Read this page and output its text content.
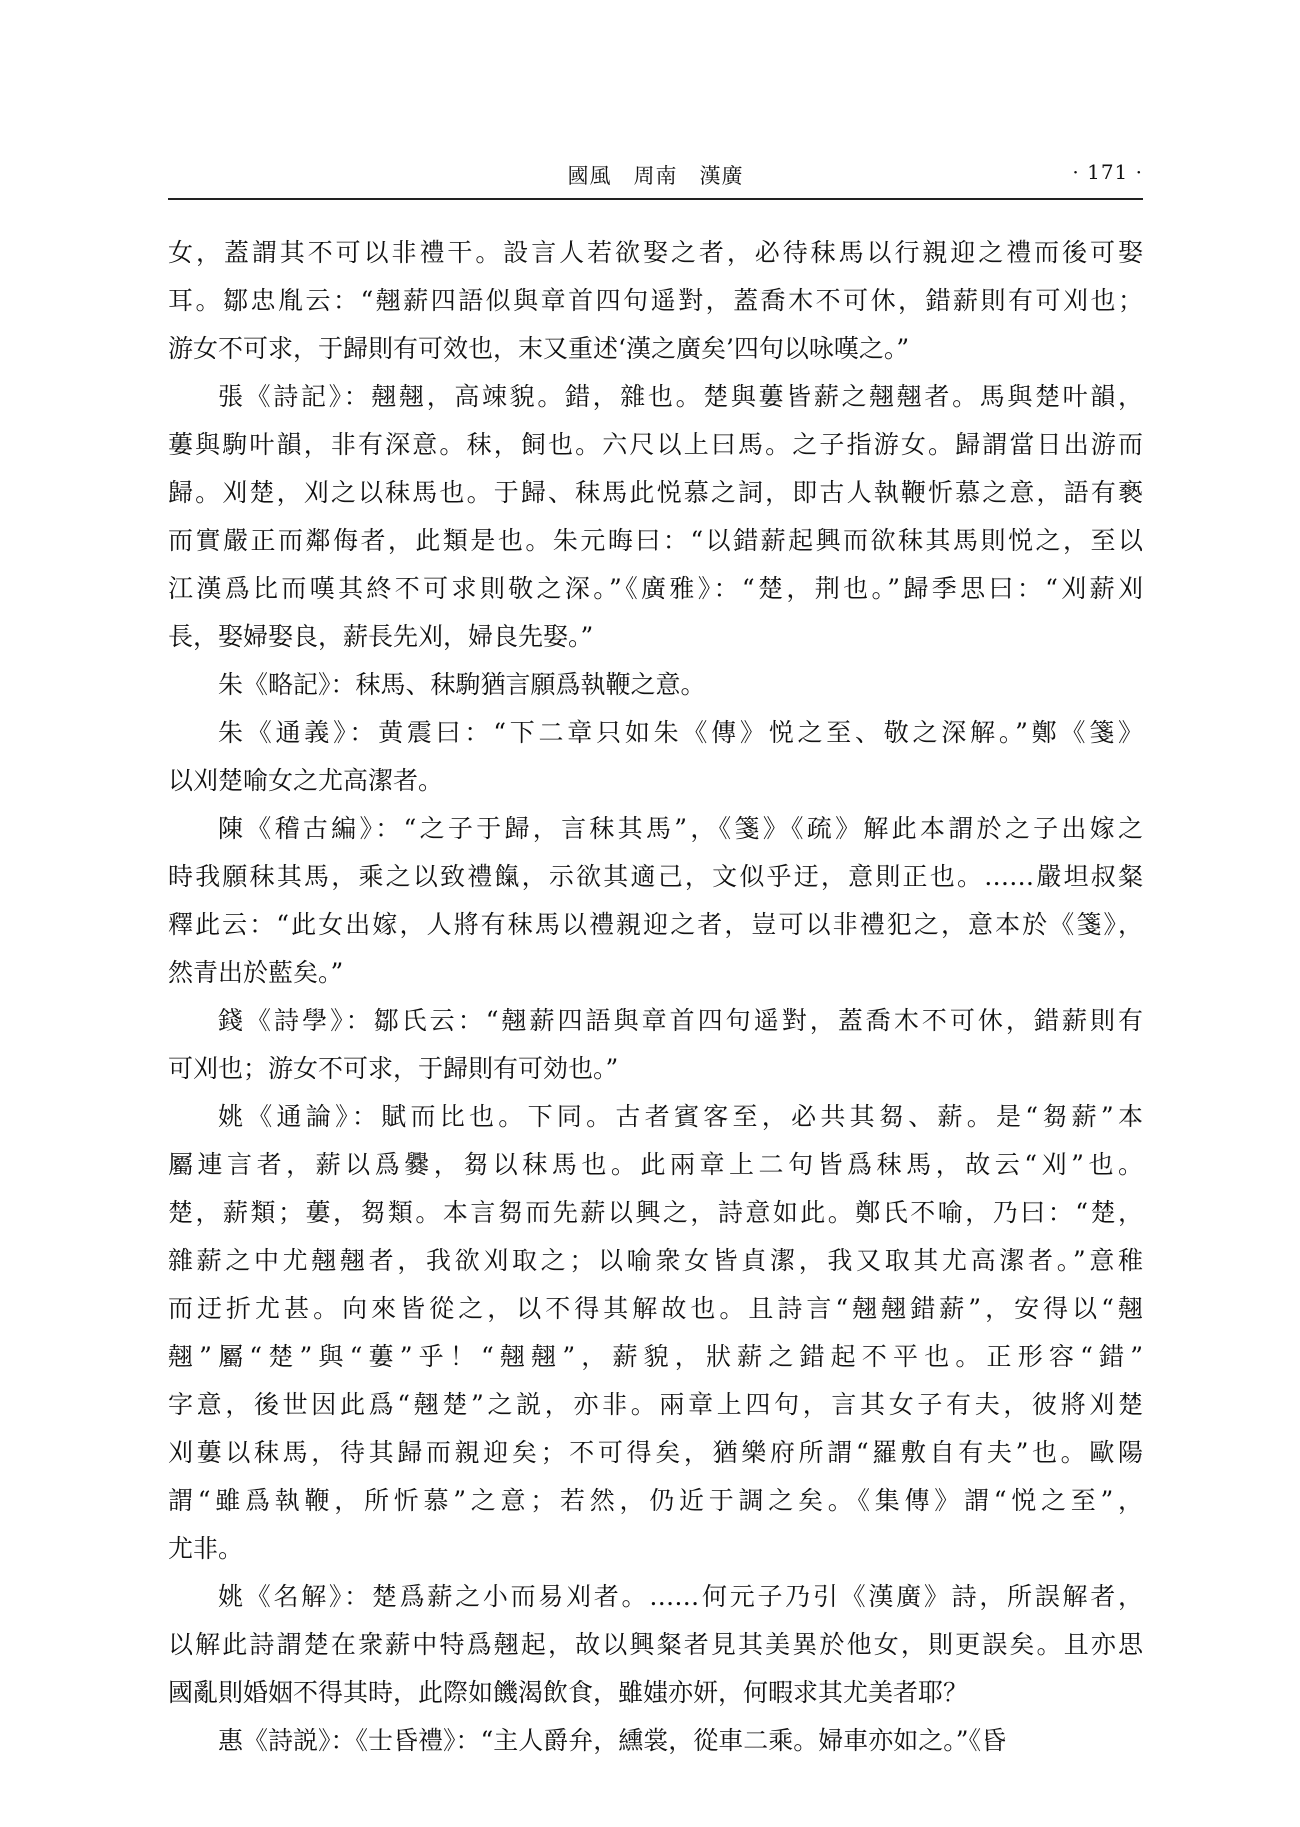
國風　周南　漢廣	· 171 ·
女，蓋謂其不可以非禮干。設言人若欲娶之者，必待秣馬以行親迎之禮而後可娶
耳。鄒忠胤云：“翹薪四語似與章首四句遥對，蓋喬木不可休，錯薪則有可刈也；
游女不可求，于歸則有可效也，末又重述‘漢之廣矣’四句以咏嘆之。”
張《詩記》：翹翹，高竦貌。錯，雜也。楚與蔞皆薪之翹翹者。馬與楚叶韻，
蔞與駒叶韻，非有深意。秣，飼也。六尺以上曰馬。之子指游女。歸謂當日出游而
歸。刈楚，刈之以秣馬也。于歸、秣馬此悦慕之詞，即古人執鞭忻慕之意，語有褻
而實嚴正而鄰侮者，此類是也。朱元晦曰：“以錯薪起興而欲秣其馬則悦之，至以
江漢爲比而嘆其終不可求則敬之深。”《廣雅》：“楚，荆也。”歸季思曰：“刈薪刈
長，娶婦娶良，薪長先刈，婦良先娶。”
朱《略記》：秣馬、秣駒猶言願爲執鞭之意。
朱《通義》：黄震曰：“下二章只如朱《傳》悦之至、敬之深解。”鄭《箋》
以刈楚喻女之尤高潔者。
陳《稽古編》：“之子于歸，言秣其馬”，《箋》《疏》解此本謂於之子出嫁之
時我願秣其馬，乘之以致禮餼，示欲其適己，文似乎迂，意則正也。……嚴坦叔粲
釋此云：“此女出嫁，人將有秣馬以禮親迎之者，豈可以非禮犯之，意本於《箋》，
然青出於藍矣。”
錢《詩學》：鄒氏云：“翹薪四語與章首四句遥對，蓋喬木不可休，錯薪則有
可刈也；游女不可求，于歸則有可効也。”
姚《通論》：賦而比也。下同。古者賓客至，必共其芻、薪。是“芻薪”本
屬連言者，薪以爲爨，芻以秣馬也。此兩章上二句皆爲秣馬，故云“刈”也。
楚，薪類；蔞，芻類。本言芻而先薪以興之，詩意如此。鄭氏不喻，乃曰：“楚，
雜薪之中尤翹翹者，我欲刈取之；以喻衆女皆貞潔，我又取其尤高潔者。”意稚
而迂折尤甚。向來皆從之，以不得其解故也。且詩言“翹翹錯薪”，安得以“翹
翹”屬“楚”與“蔞”乎！“翹翹”，薪貌，狀薪之錯起不平也。正形容“錯”
字意，後世因此爲“翹楚”之説，亦非。兩章上四句，言其女子有夫，彼將刈楚
刈蔞以秣馬，待其歸而親迎矣；不可得矣，猶樂府所謂“羅敷自有夫”也。歐陽
謂“雖爲執鞭，所忻慕”之意；若然，仍近于調之矣。《集傳》謂“悦之至”，
尤非。
姚《名解》：楚爲薪之小而易刈者。……何元子乃引《漢廣》詩，所誤解者，
以解此詩謂楚在衆薪中特爲翹起，故以興粲者見其美異於他女，則更誤矣。且亦思
國亂則婚姻不得其時，此際如饑渴飲食，雖媸亦妍，何暇求其尤美者耶？
惠《詩説》：《士昏禮》：“主人爵弁，纁裳，從車二乘。婦車亦如之。”《昏
